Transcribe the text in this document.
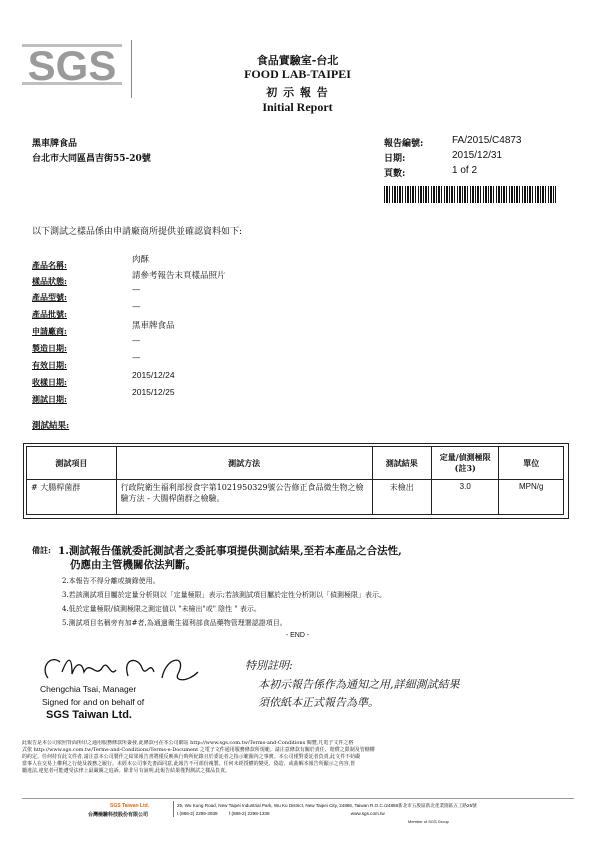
SGS	食品實驗室-台北
FOOD LAB-TAIPEI
初 示 報 告
Initial Report
黑車牌食品
台北市大同區昌吉街55-20號
報告編號:	FA/2015/C4873
日期:	2015/12/31
頁數:	1 of 2
以下測試之樣品係由申請廠商所提供並確認資料如下:
產品名稱:	肉酥
樣品狀態:	請參考報告末頁樣品照片
產品型號:
—
產品批號:
—
申請廠商:	黑車牌食品
製造日期:
—
有效日期:
—
收樣日期:
2015/12/24
測試日期:
2015/12/25
測試結果:
測試項目	測試方法	測試結果	定量/偵測極限(註3)	單位
# 大腸桿菌群	行政院衛生福利部授食字第1021950329號公告修正食品微生物之檢驗方法 - 大腸桿菌群之檢驗。	未檢出	3.0	MPN/g
備註: 1.測試報告僅就委託測試者之委託事項提供測試結果,至若本產品之合法性,
仍應由主管機關依法判斷。
2.本報告不得分離或摘錄使用。
3.若該測試項目屬於定量分析則以「定量極限」表示;若該測試項目屬於定性分析則以「偵測極限」表示。
4.低於定量極限/偵測極限之測定值以 "未檢出"或" 陰性 " 表示。
5.測試項目名稱旁有加#者,為通過衛生福利部食品藥物管理署認證項目。
- END -
Chengchia Tsai, Manager
Signed for and on behalf of
SGS Taiwan Ltd.
特別註明:
本初示報告係作為通知之用,詳細測試結果
須依紙本正式報告為準。
此報告是本公司依照背面所印之通用服務條款所簽發,此條款可在本公司網站 http://www.sgs.com.tw/Terms-and-Conditions 閱覽,凡電子文件之格
式依 http://www.sgs.com.tw/Terms-and-Conditions/Terms-e-Document 之電子文件通用服務條款所規範。請注意條款有關於責任、賠償之限制及管轄權
的約定。任何持有此文件者,請注意本公司製作之結果報告書將僅反映執行時所紀錄且於委託者之指示範圍內之事實。本公司僅對委託者負責,此文件不妨礙
當事人在交易上權利之行使及義務之履行。未經本公司事先書面同意,此報告不可部份複製。任何未經授權的變更、偽造、或曲解本報告所顯示之內容,皆
屬違法,違犯者可能遭受法律上最嚴厲之追訴。除非另有說明,此報告結果僅對測試之樣品負責。
SGS Taiwan Ltd.
台灣檢驗科技股份有限公司
25, Wu Kung Road, New Taipei Industrial Park, Wu Ku District, New Taipei City, 24886, Taiwan R.O.C./24886新北市五股區新北產業園區五工路25號
t (886-2) 2299-3939 f (886-2) 2298-1338	www.sgs.com.tw
Member of SGS Group
